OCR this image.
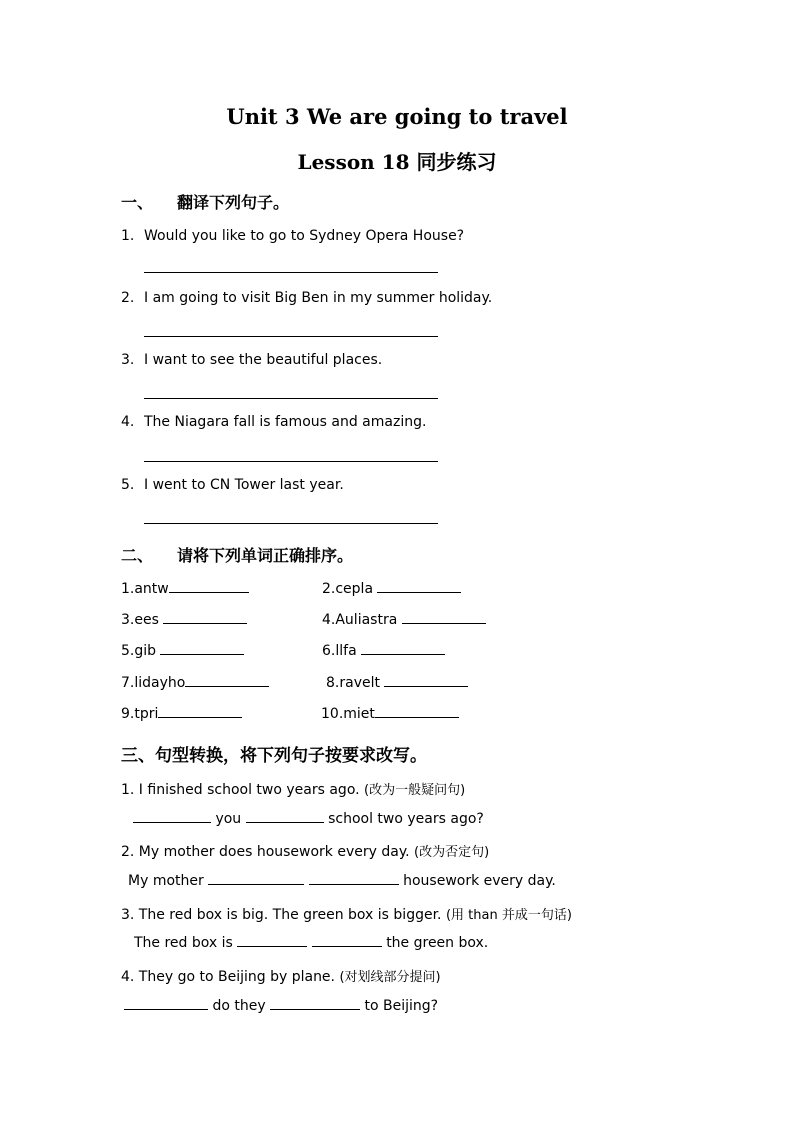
Unit 3 We are going to travel
Lesson 18 同步练习
一、 翻译下列句子。
1. Would you like to go to Sydney Opera House?
2. I am going to visit Big Ben in my summer holiday.
3. I want to see the beautiful places.
4. The Niagara fall is famous and amazing.
5. I went to CN Tower last year.
二、 请将下列单词正确排序。
1.antw	2.cepla
3.ees	4.Auliastra
5.gib	6.llfa
7.lidayho	8.ravelt
9.tpri	10.miet
三、句型转换，将下列句子按要求改写。
1. I finished school two years ago. (改为一般疑问句)
you	school two years ago?
2. My mother does housework every day. (改为否定句)
My mother	housework every day.
3. The red box is big. The green box is bigger. (用 than 并成一句话)
The red box is	the green box.
4. They go to Beijing by plane. (对划线部分提问)
do they	to Beijing?
